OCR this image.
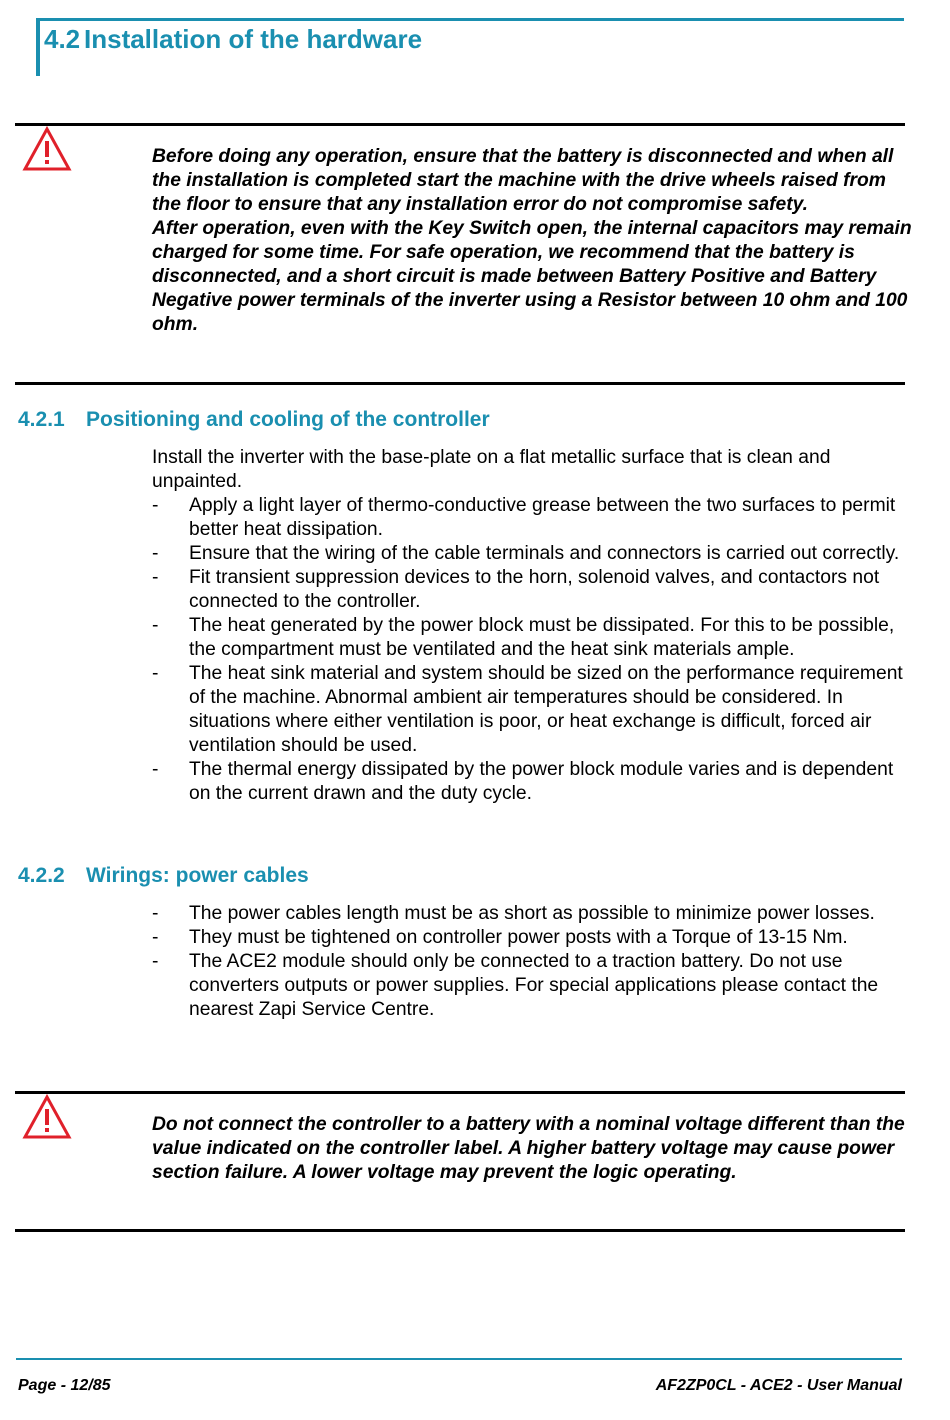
4.2 Installation of the hardware

Before doing any operation, ensure that the battery is disconnected and when all the installation is completed start the machine with the drive wheels raised from the floor to ensure that any installation error do not compromise safety.

After operation, even with the Key Switch open, the internal capacitors may remain charged for some time. For safe operation, we recommend that the battery is disconnected, and a short circuit is made between Battery Positive and Battery Negative power terminals of the inverter using a Resistor between 10 ohm and 100 ohm.

4.2.1 Positioning and cooling of the controller
Install the inverter with the base-plate on a flat metallic surface that is clean and unpainted.
- Apply a light layer of thermo-conductive grease between the two surfaces to permit better heat dissipation.
- Ensure that the wiring of the cable terminals and connectors is carried out correctly.
- Fit transient suppression devices to the horn, solenoid valves, and contactors not connected to the controller.
- The heat generated by the power block must be dissipated. For this to be possible, the compartment must be ventilated and the heat sink materials ample.
- The heat sink material and system should be sized on the performance requirement of the machine. Abnormal ambient air temperatures should be considered. In situations where either ventilation is poor, or heat exchange is difficult, forced air ventilation should be used.
- The thermal energy dissipated by the power block module varies and is dependent on the current drawn and the duty cycle.
4.2.2 Wirings: power cables
- The power cables length must be as short as possible to minimize power losses.
- They must be tightened on controller power posts with a Torque of 13-15 Nm.
- The ACE2 module should only be connected to a traction battery. Do not use converters outputs or power supplies. For special applications please contact the nearest Zapi Service Centre.

Do not connect the controller to a battery with a nominal voltage different than the value indicated on the controller label. A higher battery voltage may cause power section failure. A lower voltage may prevent the logic operating.

Page - 12/85	AF2ZP0CL - ACE2 - User Manual
